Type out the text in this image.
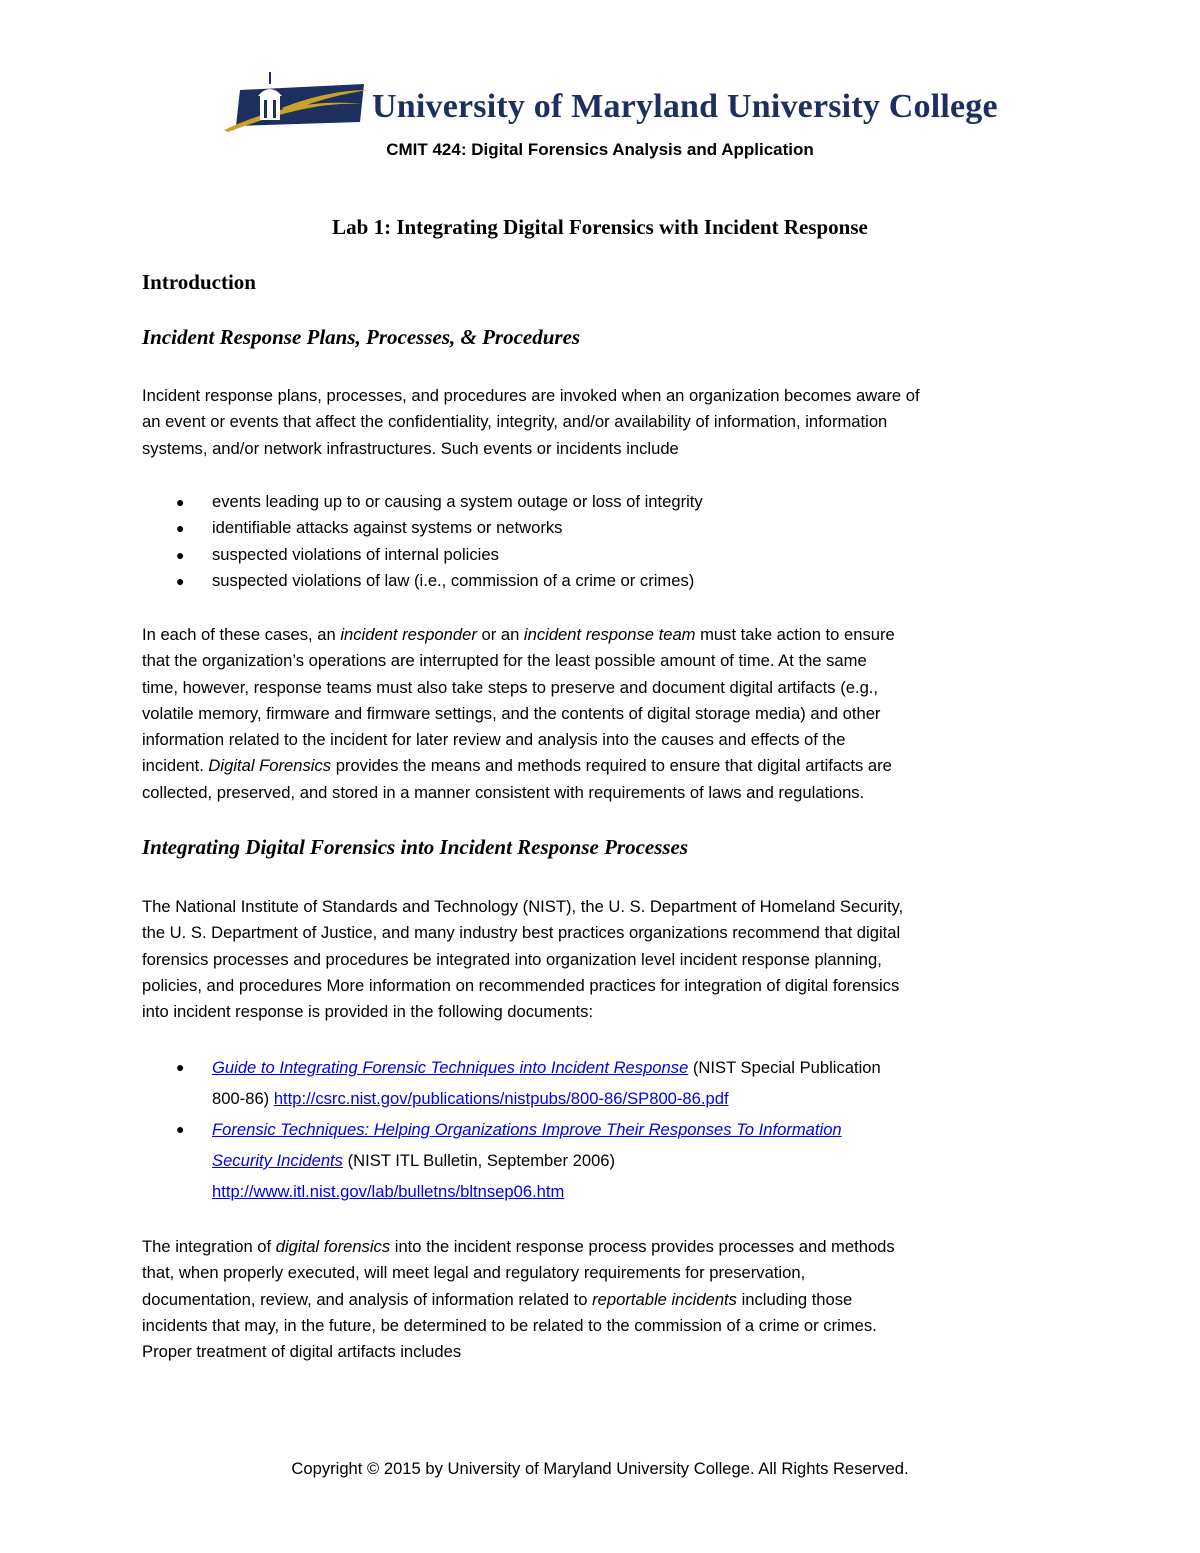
University of Maryland University College
CMIT 424: Digital Forensics Analysis and Application
Lab 1: Integrating Digital Forensics with Incident Response
Introduction
Incident Response Plans, Processes, & Procedures
Incident response plans, processes, and procedures are invoked when an organization becomes aware of
an event or events that affect the confidentiality, integrity, and/or availability of information, information
systems, and/or network infrastructures. Such events or incidents include
● events leading up to or causing a system outage or loss of integrity
● identifiable attacks against systems or networks
● suspected violations of internal policies
● suspected violations of law (i.e., commission of a crime or crimes)
In each of these cases, an incident responder or an incident response team must take action to ensure
that the organization’s operations are interrupted for the least possible amount of time. At the same
time, however, response teams must also take steps to preserve and document digital artifacts (e.g.,
volatile memory, firmware and firmware settings, and the contents of digital storage media) and other
information related to the incident for later review and analysis into the causes and effects of the
incident. Digital Forensics provides the means and methods required to ensure that digital artifacts are
collected, preserved, and stored in a manner consistent with requirements of laws and regulations.
Integrating Digital Forensics into Incident Response Processes
The National Institute of Standards and Technology (NIST), the U. S. Department of Homeland Security,
the U. S. Department of Justice, and many industry best practices organizations recommend that digital
forensics processes and procedures be integrated into organization level incident response planning,
policies, and procedures More information on recommended practices for integration of digital forensics
into incident response is provided in the following documents:
● Guide to Integrating Forensic Techniques into Incident Response (NIST Special Publication
800-86) http://csrc.nist.gov/publications/nistpubs/800-86/SP800-86.pdf
● Forensic Techniques: Helping Organizations Improve Their Responses To Information
Security Incidents (NIST ITL Bulletin, September 2006)
http://www.itl.nist.gov/lab/bulletns/bltnsep06.htm
The integration of digital forensics into the incident response process provides processes and methods
that, when properly executed, will meet legal and regulatory requirements for preservation,
documentation, review, and analysis of information related to reportable incidents including those
incidents that may, in the future, be determined to be related to the commission of a crime or crimes.
Proper treatment of digital artifacts includes
Copyright © 2015 by University of Maryland University College. All Rights Reserved.
